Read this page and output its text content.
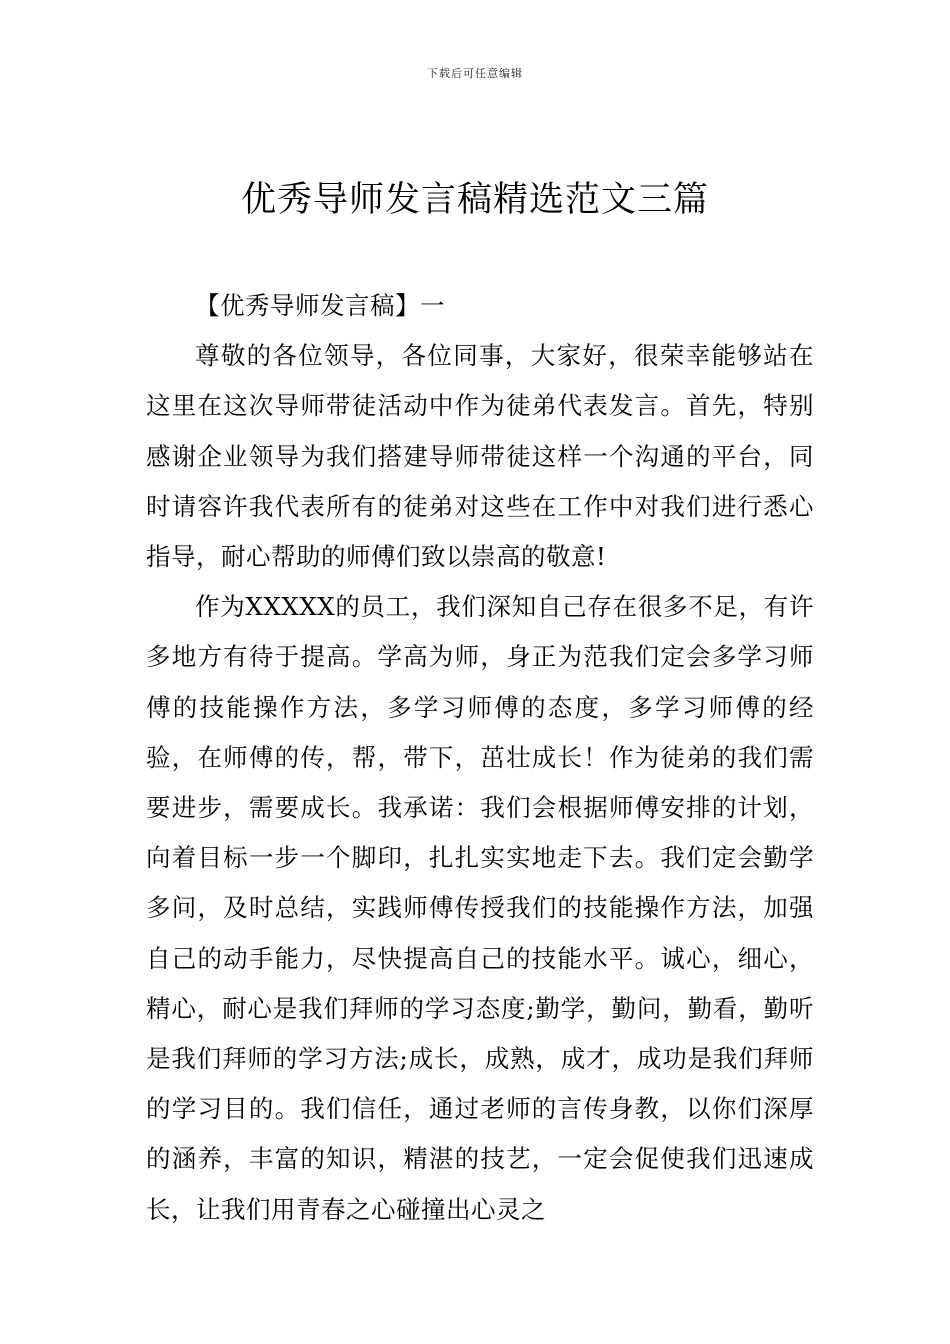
下载后可任意编辑
优秀导师发言稿精选范文三篇

【优秀导师发言稿】一

尊敬的各位领导，各位同事，大家好，很荣幸能够站在这里在这次导师带徒活动中作为徒弟代表发言。首先，特别感谢企业领导为我们搭建导师带徒这样一个沟通的平台，同时请容许我代表所有的徒弟对这些在工作中对我们进行悉心指导，耐心帮助的师傅们致以崇高的敬意!

作为XXXXX的员工，我们深知自己存在很多不足，有许多地方有待于提高。学高为师，身正为范我们定会多学习师傅的技能操作方法，多学习师傅的态度，多学习师傅的经验，在师傅的传，帮，带下，茁壮成长！作为徒弟的我们需要进步，需要成长。我承诺：我们会根据师傅安排的计划，向着目标一步一个脚印，扎扎实实地走下去。我们定会勤学多问，及时总结，实践师傅传授我们的技能操作方法，加强自己的动手能力，尽快提高自己的技能水平。诚心，细心，精心，耐心是我们拜师的学习态度;勤学，勤问，勤看，勤听是我们拜师的学习方法;成长，成熟，成才，成功是我们拜师的学习目的。我们信任，通过老师的言传身教，以你们深厚的涵养，丰富的知识，精湛的技艺，一定会促使我们迅速成长，让我们用青春之心碰撞出心灵之
